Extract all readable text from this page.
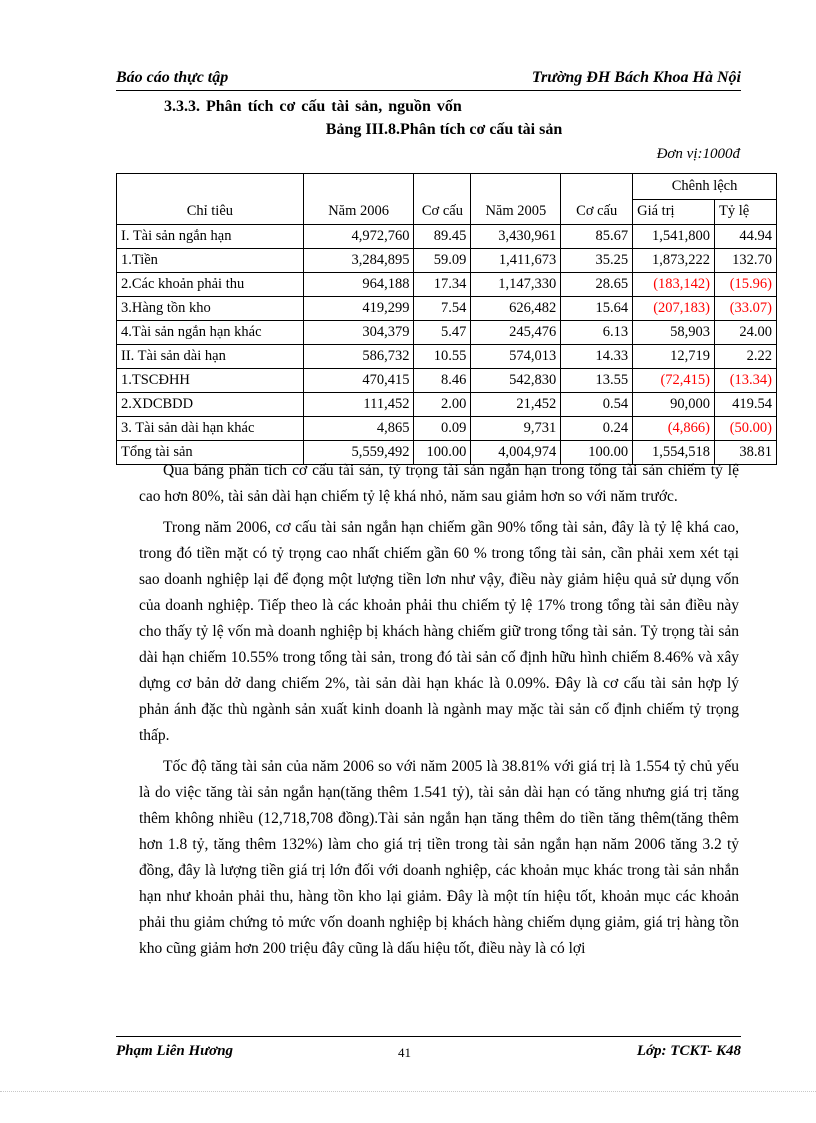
Báo cáo thực tập	Trường ĐH Bách Khoa Hà Nội
3.3.3. Phân tích cơ cấu tài sản, nguồn vốn
Bảng III.8.Phân tích cơ cấu tài sản
Đơn vị:1000đ
Chỉ tiêu	Năm 2006	Cơ cấu	Năm 2005	Cơ cấu	Chênh lệch	
					Giá trị	Tỷ lệ
I. Tài sản ngắn hạn	4,972,760	89.45	3,430,961	85.67	1,541,800	44.94
1.Tiền	3,284,895	59.09	1,411,673	35.25	1,873,222	132.70
2.Các khoản phải thu	964,188	17.34	1,147,330	28.65	(183,142)	(15.96)
3.Hàng tồn kho	419,299	7.54	626,482	15.64	(207,183)	(33.07)
4.Tài sản ngắn hạn khác	304,379	5.47	245,476	6.13	58,903	24.00
II. Tài sản dài hạn	586,732	10.55	574,013	14.33	12,719	2.22
1.TSCĐHH	470,415	8.46	542,830	13.55	(72,415)	(13.34)
2.XDCBDD	111,452	2.00	21,452	0.54	90,000	419.54
3. Tài sản dài hạn khác	4,865	0.09	9,731	0.24	(4,866)	(50.00)
Tổng tài sản	5,559,492	100.00	4,004,974	100.00	1,554,518	38.81

Qua bảng phân tích cơ cấu tài sản, tỷ trọng tài sản ngắn hạn trong tổng tài sản chiếm tỷ lệ cao hơn 80%, tài sản dài hạn chiếm tỷ lệ khá nhỏ, năm sau giảm hơn so với năm trước.

Trong năm 2006, cơ cấu tài sản ngắn hạn chiếm gần 90% tổng tài sản, đây là tỷ lệ khá cao, trong đó tiền mặt có tỷ trọng cao nhất chiếm gần 60 % trong tổng tài sản, cần phải xem xét tại sao doanh nghiệp lại để đọng một lượng tiền lơn như vậy, điều này giảm hiệu quả sử dụng vốn của doanh nghiệp. Tiếp theo là các khoản phải thu chiếm tỷ lệ 17% trong tổng tài sản điều này cho thấy tỷ lệ vốn mà doanh nghiệp bị khách hàng chiếm giữ trong tổng tài sản. Tỷ trọng tài sản dài hạn chiếm 10.55% trong tổng tài sản, trong đó tài sản cố định hữu hình chiếm 8.46% và xây dựng cơ bản dở dang chiếm 2%, tài sản dài hạn khác là 0.09%. Đây là cơ cấu tài sản hợp lý phản ánh đặc thù ngành sản xuất kinh doanh là ngành may mặc tài sản cố định chiếm tỷ trọng thấp.

Tốc độ tăng tài sản của năm 2006 so với năm 2005 là 38.81% với giá trị là 1.554 tỷ chủ yếu là do việc tăng tài sản ngắn hạn(tăng thêm 1.541 tỷ), tài sản dài hạn có tăng nhưng giá trị tăng thêm không nhiều (12,718,708 đồng).Tài sản ngắn hạn tăng thêm do tiền tăng thêm(tăng thêm hơn 1.8 tỷ, tăng thêm 132%) làm cho giá trị tiền trong tài sản ngắn hạn năm 2006 tăng 3.2 tỷ đồng, đây là lượng tiền giá trị lớn đối với doanh nghiệp, các khoản mục khác trong tài sản nhắn hạn như khoản phải thu, hàng tồn kho lại giảm. Đây là một tín hiệu tốt, khoản mục các khoản phải thu giảm chứng tỏ mức vốn doanh nghiệp bị khách hàng chiếm dụng giảm, giá trị hàng tồn kho cũng giảm hơn 200 triệu đây cũng là dấu hiệu tốt, điều này là có lợi

Phạm Liên Hương	41	Lớp: TCKT- K48
